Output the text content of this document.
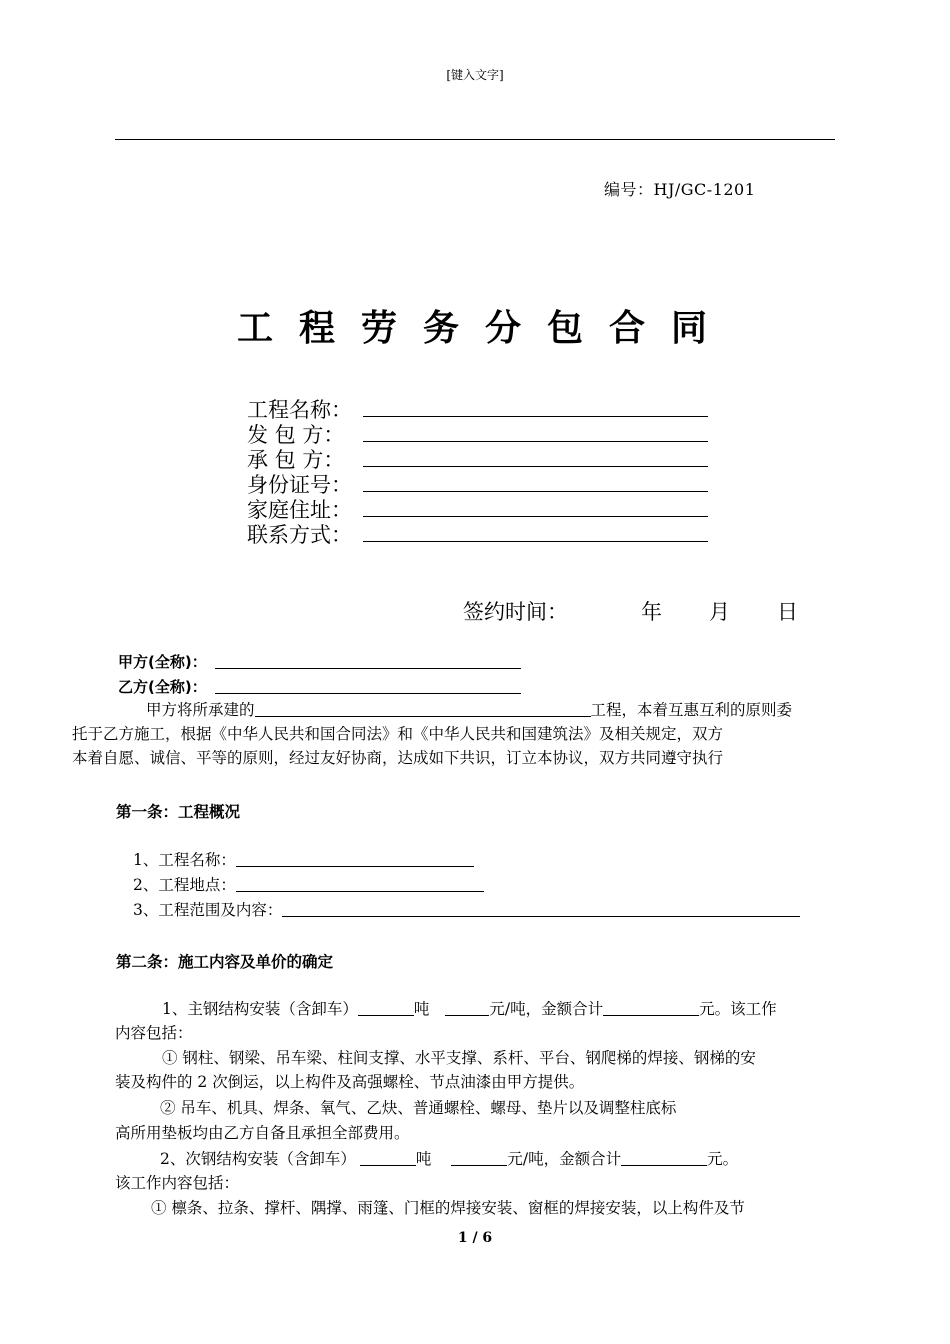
[键入文字]
编号：HJ/GC-1201
工程劳务分包合同
工程名称：
发 包 方：
承 包 方：
身份证号：
家庭住址：
联系方式：
签约时间：	年 月 日
甲方(全称)：
乙方(全称)：
甲方将所承建的	工程，本着互惠互利的原则委
托于乙方施工，根据《中华人民共和国合同法》和《中华人民共和国建筑法》及相关规定，双方
本着自愿、诚信、平等的原则，经过友好协商，达成如下共识，订立本协议，双方共同遵守执行
第一条：工程概况
1、工程名称：
2、工程地点：
3、工程范围及内容：
第二条：施工内容及单价的确定
1、主钢结构安装（含卸车）	吨	元/吨，金额合计	元。该工作
内容包括：
① 钢柱、钢梁、吊车梁、柱间支撑、水平支撑、系杆、平台、钢爬梯的焊接、钢梯的安
装及构件的 2 次倒运，以上构件及高强螺栓、节点油漆由甲方提供。
② 吊车、机具、焊条、氧气、乙炔、普通螺栓、螺母、垫片以及调整柱底标
高所用垫板均由乙方自备且承担全部费用。
2、次钢结构安装（含卸车）	吨	元/吨，金额合计	元。
该工作内容包括：
① 檩条、拉条、撑杆、隅撑、雨篷、门框的焊接安装、窗框的焊接安装，以上构件及节
1 / 6
